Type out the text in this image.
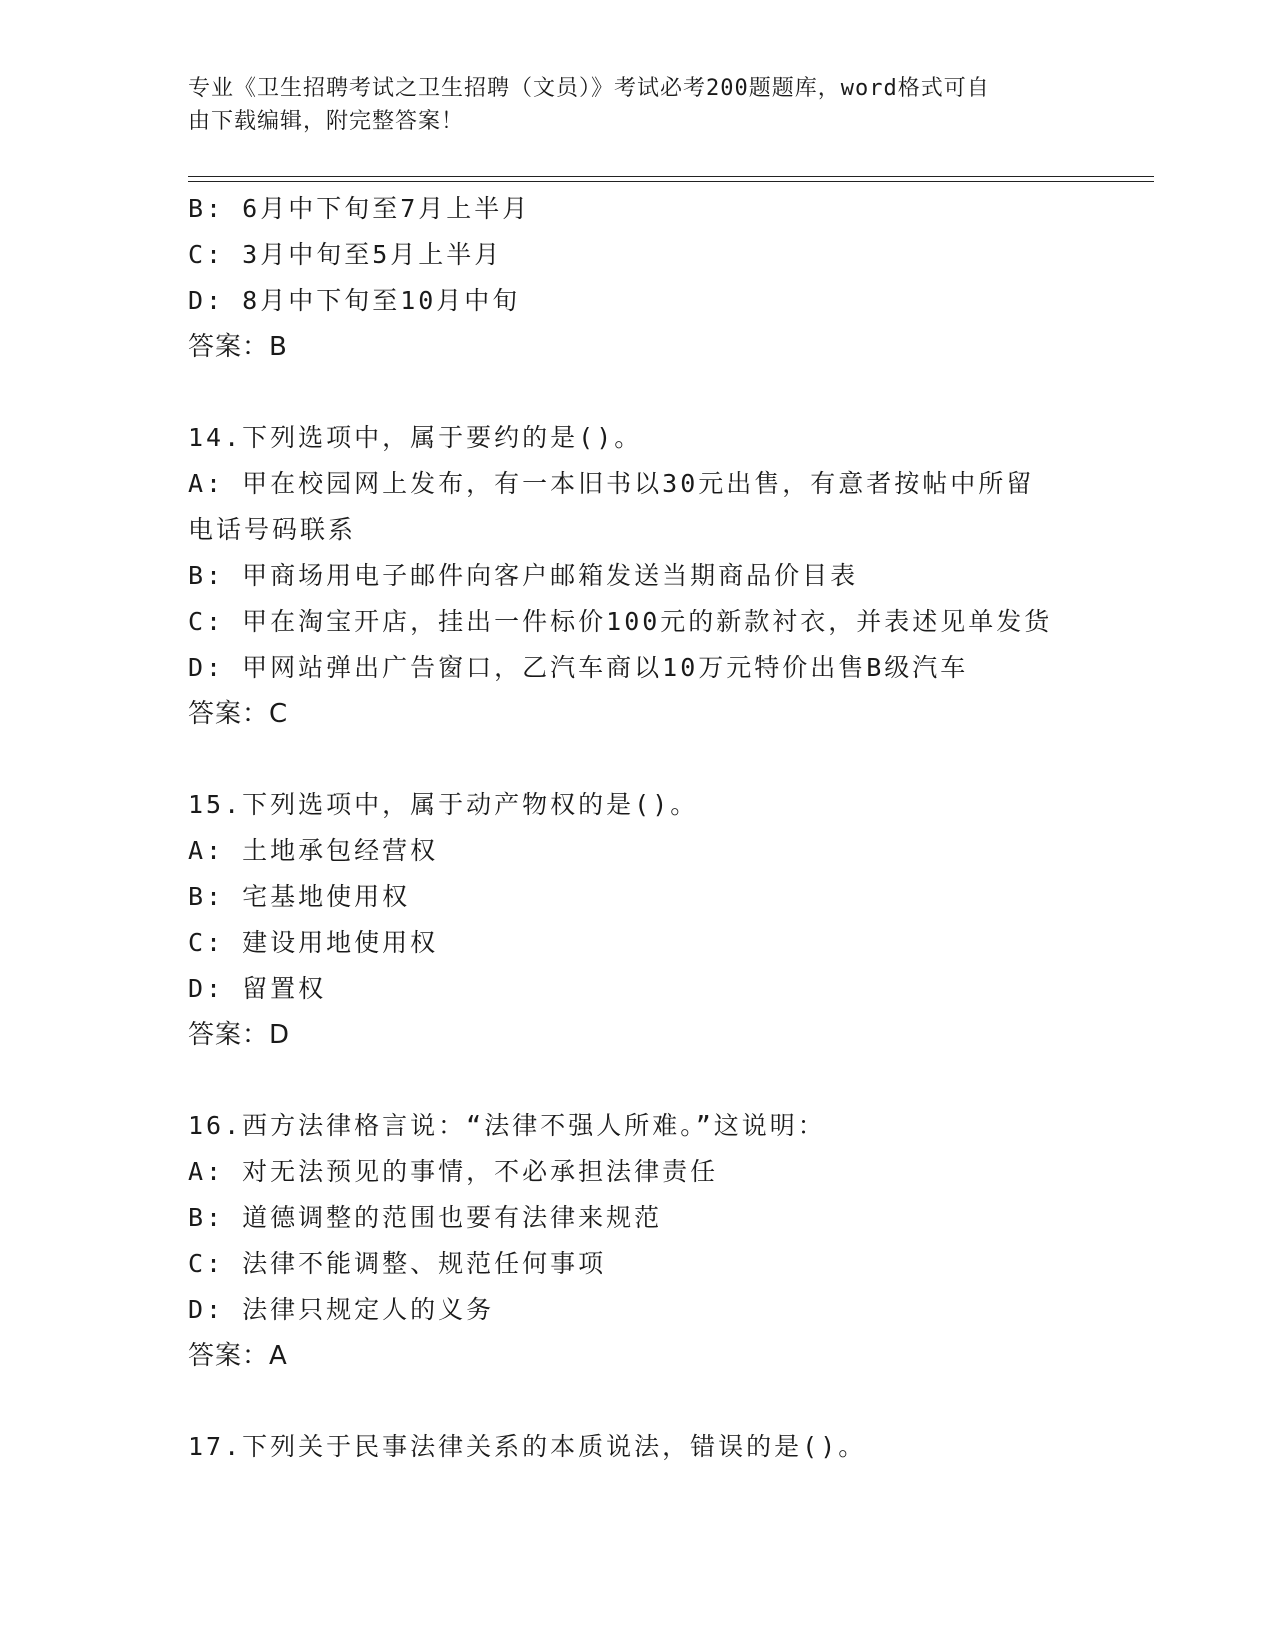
专业《卫生招聘考试之卫生招聘（文员）》考试必考200题题库，word格式可自
由下载编辑，附完整答案！
B: 6月中下旬至7月上半月
C: 3月中旬至5月上半月
D: 8月中下旬至10月中旬
答案：B
14.下列选项中，属于要约的是()。
A: 甲在校园网上发布，有一本旧书以30元出售，有意者按帖中所留
电话号码联系
B: 甲商场用电子邮件向客户邮箱发送当期商品价目表
C: 甲在淘宝开店，挂出一件标价100元的新款衬衣，并表述见单发货
D: 甲网站弹出广告窗口，乙汽车商以10万元特价出售B级汽车
答案：C
15.下列选项中，属于动产物权的是()。
A: 土地承包经营权
B: 宅基地使用权
C: 建设用地使用权
D: 留置权
答案：D
16.西方法律格言说：“法律不强人所难。”这说明：
A: 对无法预见的事情，不必承担法律责任
B: 道德调整的范围也要有法律来规范
C: 法律不能调整、规范任何事项
D: 法律只规定人的义务
答案：A
17.下列关于民事法律关系的本质说法，错误的是()。
